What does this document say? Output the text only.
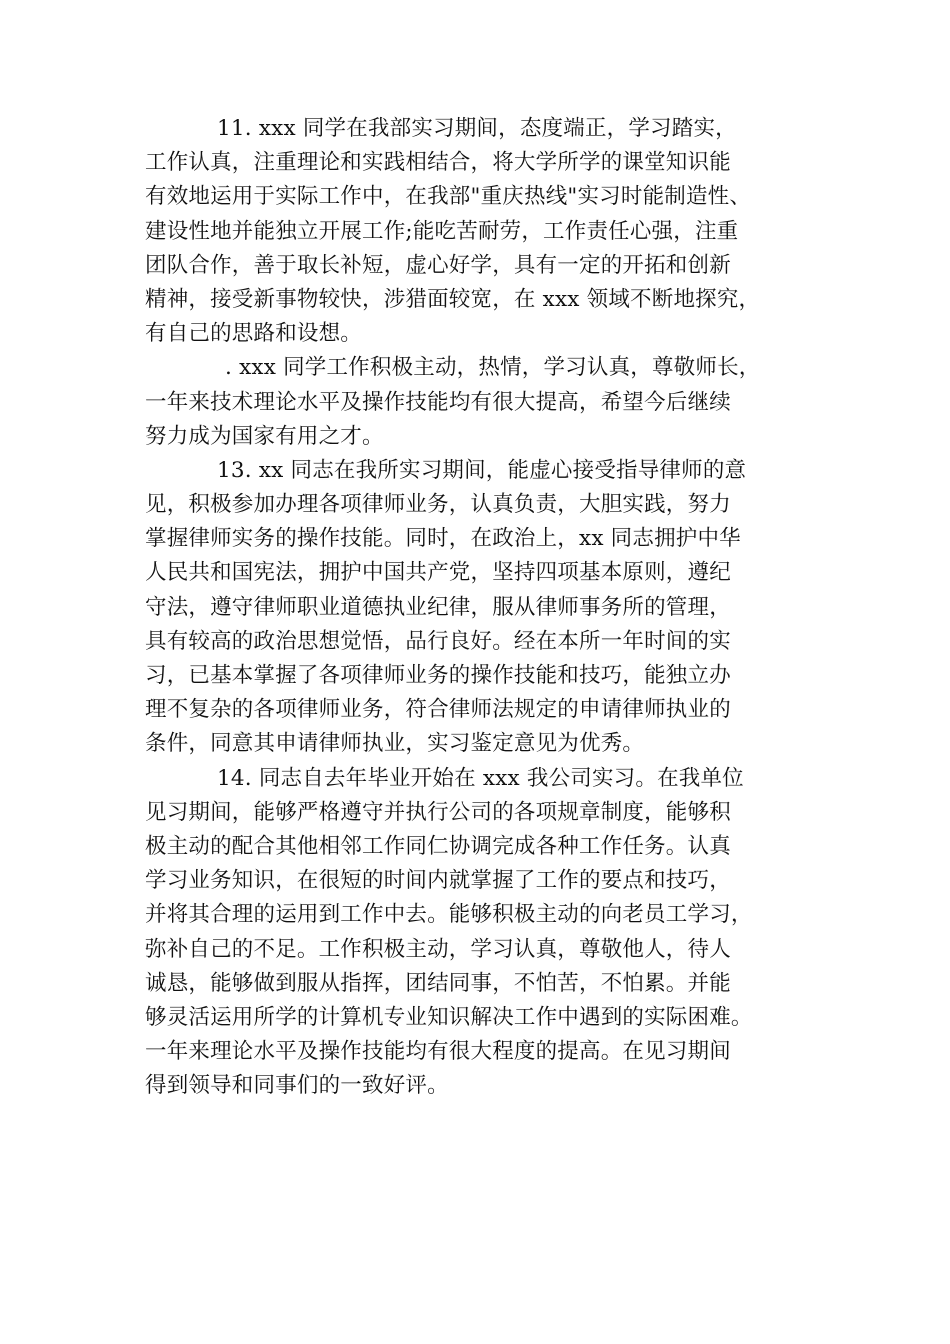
11. xxx 同学在我部实习期间，态度端正，学习踏实，
工作认真，注重理论和实践相结合，将大学所学的课堂知识能
有效地运用于实际工作中，在我部"重庆热线"实习时能制造性、
建设性地并能独立开展工作;能吃苦耐劳，工作责任心强，注重
团队合作，善于取长补短，虚心好学，具有一定的开拓和创新
精神，接受新事物较快，涉猎面较宽，在 xxx 领域不断地探究，
有自己的思路和设想。
. xxx 同学工作积极主动，热情，学习认真，尊敬师长，
一年来技术理论水平及操作技能均有很大提高，希望今后继续
努力成为国家有用之才。
13. xx 同志在我所实习期间，能虚心接受指导律师的意
见，积极参加办理各项律师业务，认真负责，大胆实践，努力
掌握律师实务的操作技能。同时，在政治上，xx 同志拥护中华
人民共和国宪法，拥护中国共产党，坚持四项基本原则，遵纪
守法，遵守律师职业道德执业纪律，服从律师事务所的管理，
具有较高的政治思想觉悟，品行良好。经在本所一年时间的实
习，已基本掌握了各项律师业务的操作技能和技巧，能独立办
理不复杂的各项律师业务，符合律师法规定的申请律师执业的
条件，同意其申请律师执业，实习鉴定意见为优秀。
14. 同志自去年毕业开始在 xxx 我公司实习。在我单位
见习期间，能够严格遵守并执行公司的各项规章制度，能够积
极主动的配合其他相邻工作同仁协调完成各种工作任务。认真
学习业务知识，在很短的时间内就掌握了工作的要点和技巧，
并将其合理的运用到工作中去。能够积极主动的向老员工学习，
弥补自己的不足。工作积极主动，学习认真，尊敬他人，待人
诚恳，能够做到服从指挥，团结同事，不怕苦，不怕累。并能
够灵活运用所学的计算机专业知识解决工作中遇到的实际困难。
一年来理论水平及操作技能均有很大程度的提高。在见习期间
得到领导和同事们的一致好评。
